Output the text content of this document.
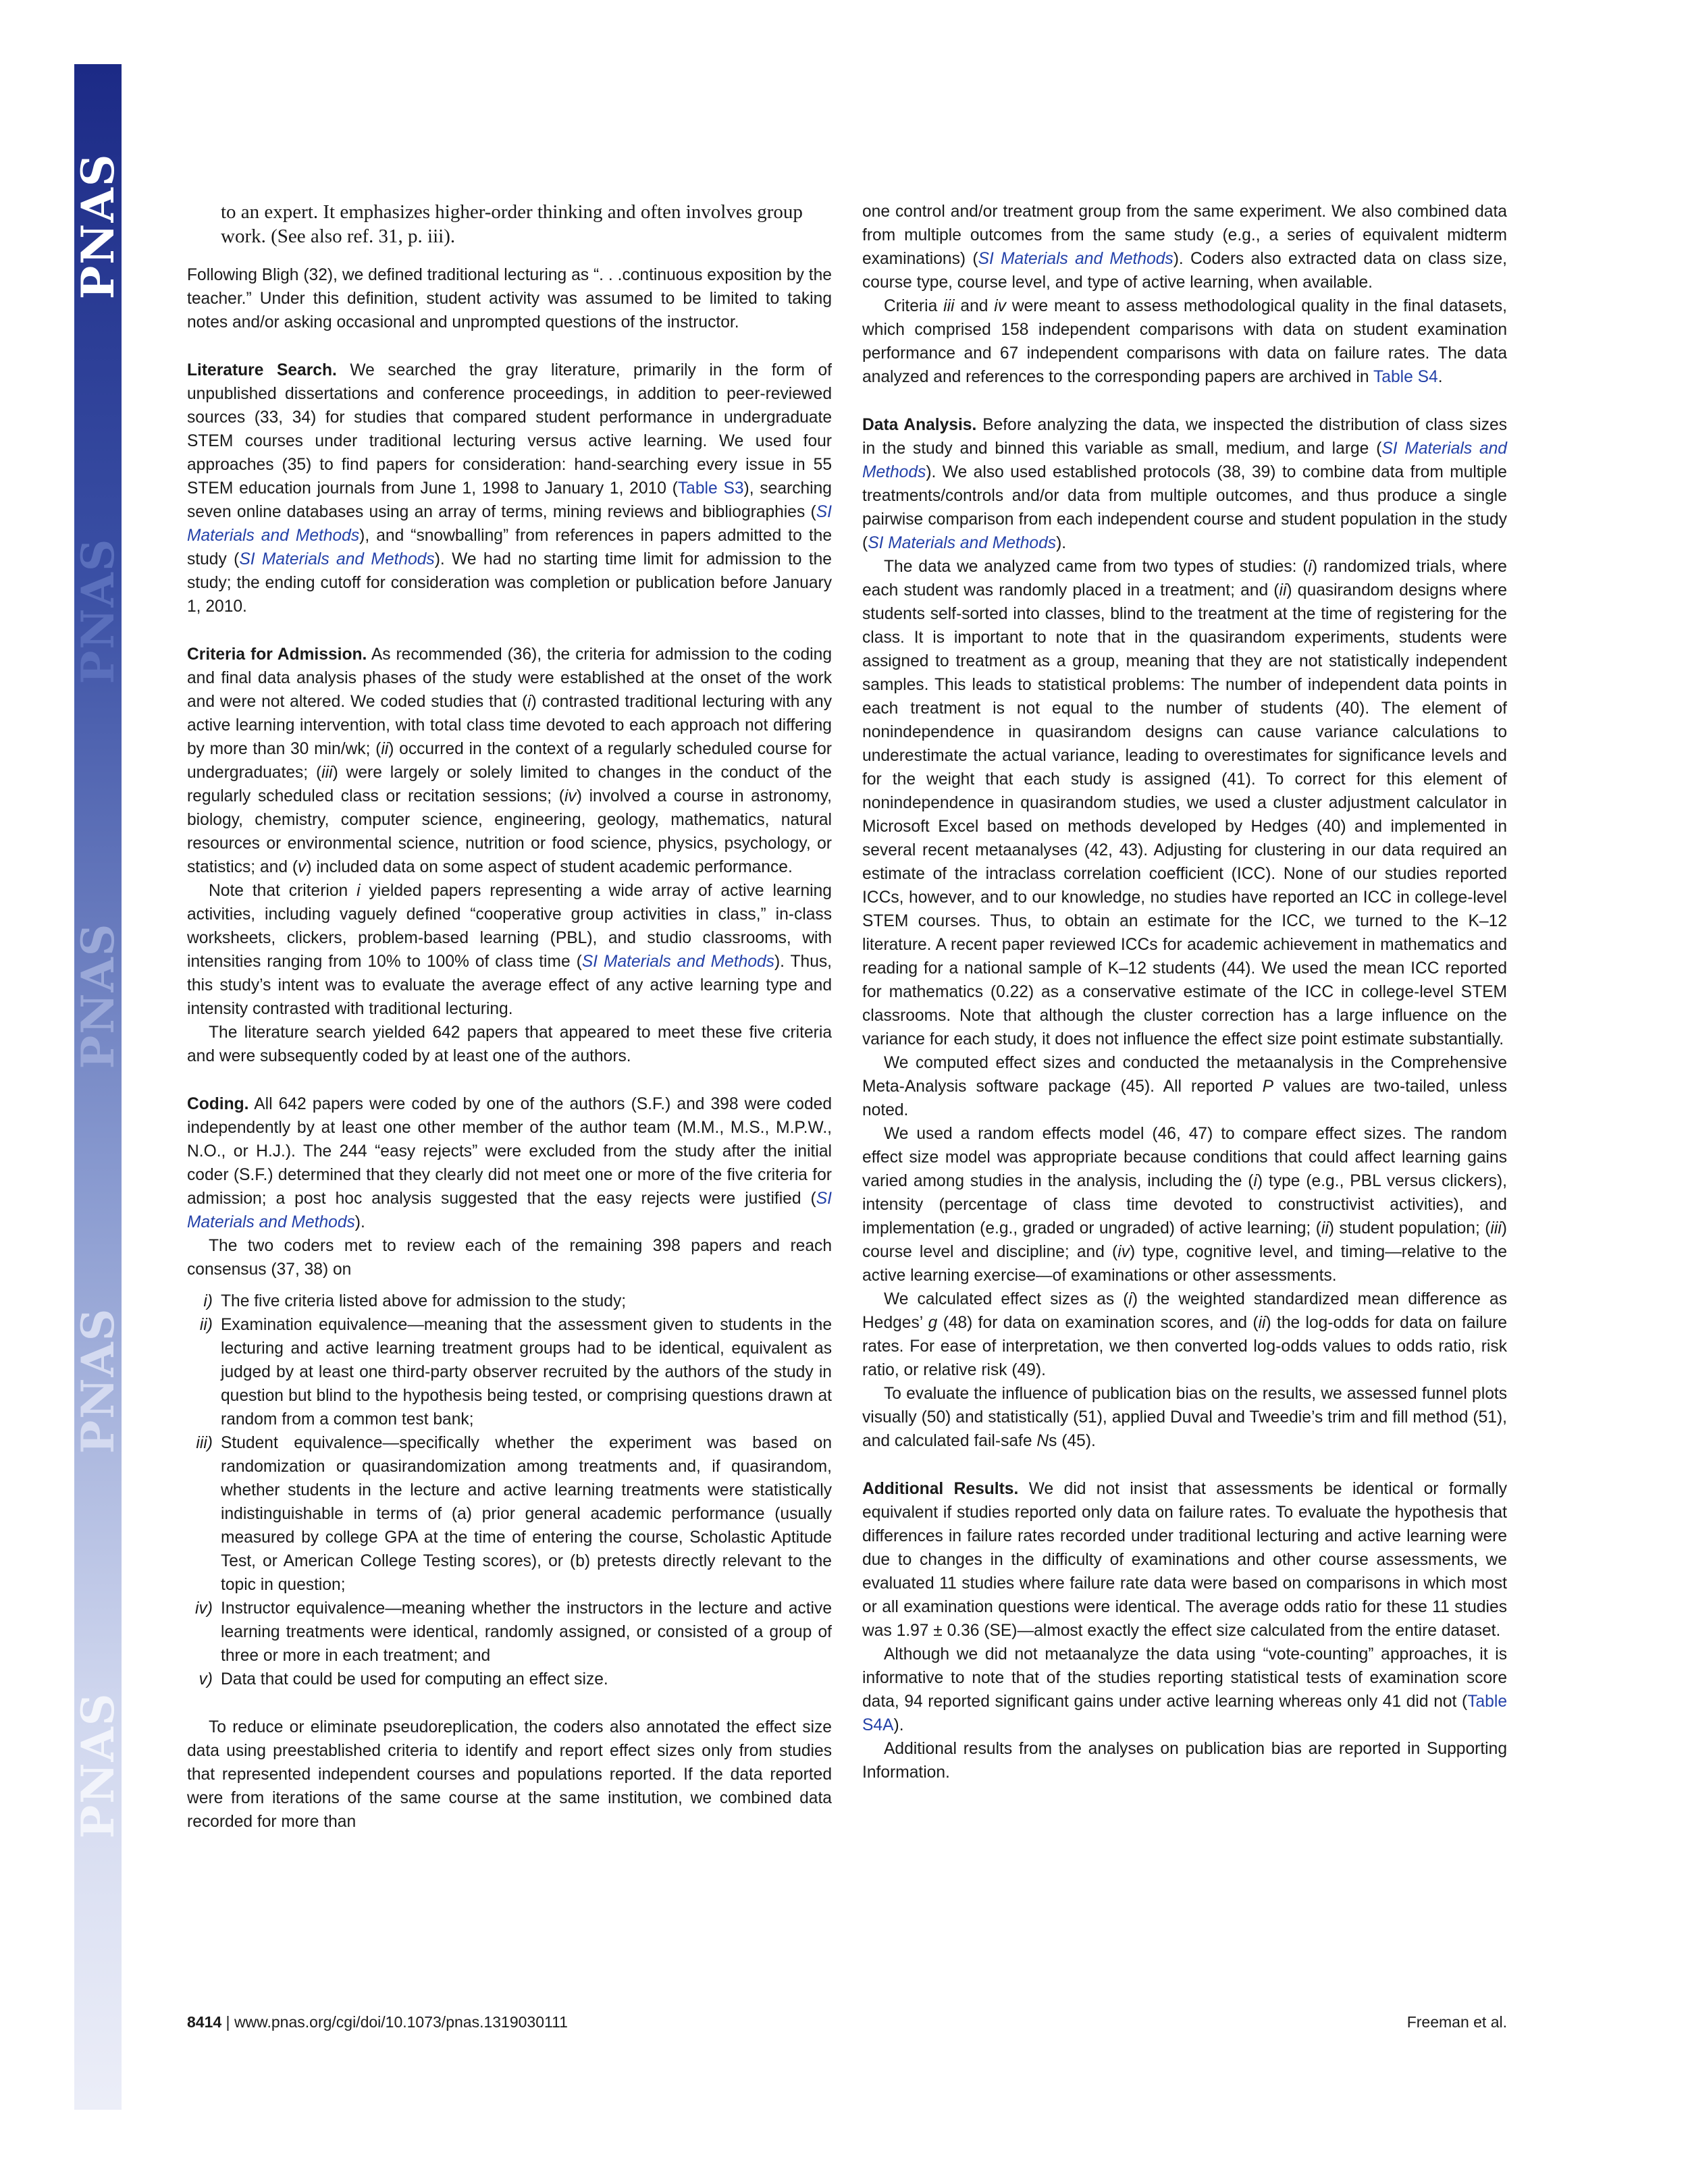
PNAS
PNAS
PNAS
PNAS
PNAS

to an expert. It emphasizes higher-order thinking and often involves group work. (See also ref. 31, p. iii).

Following Bligh (32), we defined traditional lecturing as “. . .continuous exposition by the teacher.” Under this definition, student activity was assumed to be limited to taking notes and/or asking occasional and unprompted questions of the instructor.

Literature Search. We searched the gray literature, primarily in the form of unpublished dissertations and conference proceedings, in addition to peer-reviewed sources (33, 34) for studies that compared student performance in undergraduate STEM courses under traditional lecturing versus active learning. We used four approaches (35) to find papers for consideration: hand-searching every issue in 55 STEM education journals from June 1, 1998 to January 1, 2010 (Table S3), searching seven online databases using an array of terms, mining reviews and bibliographies (SI Materials and Methods), and “snowballing” from references in papers admitted to the study (SI Materials and Methods). We had no starting time limit for admission to the study; the ending cutoff for consideration was completion or publication before January 1, 2010.

Criteria for Admission. As recommended (36), the criteria for admission to the coding and final data analysis phases of the study were established at the onset of the work and were not altered. We coded studies that (i) contrasted traditional lecturing with any active learning intervention, with total class time devoted to each approach not differing by more than 30 min/wk; (ii) occurred in the context of a regularly scheduled course for undergraduates; (iii) were largely or solely limited to changes in the conduct of the regularly scheduled class or recitation sessions; (iv) involved a course in astronomy, biology, chemistry, computer science, engineering, geology, mathematics, natural resources or environmental science, nutrition or food science, physics, psychology, or statistics; and (v) included data on some aspect of student academic performance.

Note that criterion i yielded papers representing a wide array of active learning activities, including vaguely defined “cooperative group activities in class,” in-class worksheets, clickers, problem-based learning (PBL), and studio classrooms, with intensities ranging from 10% to 100% of class time (SI Materials and Methods). Thus, this study’s intent was to evaluate the average effect of any active learning type and intensity contrasted with traditional lecturing.

The literature search yielded 642 papers that appeared to meet these five criteria and were subsequently coded by at least one of the authors.

Coding. All 642 papers were coded by one of the authors (S.F.) and 398 were coded independently by at least one other member of the author team (M.M., M.S., M.P.W., N.O., or H.J.). The 244 “easy rejects” were excluded from the study after the initial coder (S.F.) determined that they clearly did not meet one or more of the five criteria for admission; a post hoc analysis suggested that the easy rejects were justified (SI Materials and Methods).

The two coders met to review each of the remaining 398 papers and reach consensus (37, 38) on

i) The five criteria listed above for admission to the study;
ii) Examination equivalence—meaning that the assessment given to students in the lecturing and active learning treatment groups had to be identical, equivalent as judged by at least one third-party observer recruited by the authors of the study in question but blind to the hypothesis being tested, or comprising questions drawn at random from a common test bank;
iii) Student equivalence—specifically whether the experiment was based on randomization or quasirandomization among treatments and, if quasirandom, whether students in the lecture and active learning treatments were statistically indistinguishable in terms of (a) prior general academic performance (usually measured by college GPA at the time of entering the course, Scholastic Aptitude Test, or American College Testing scores), or (b) pretests directly relevant to the topic in question;
iv) Instructor equivalence—meaning whether the instructors in the lecture and active learning treatments were identical, randomly assigned, or consisted of a group of three or more in each treatment; and
v) Data that could be used for computing an effect size.

To reduce or eliminate pseudoreplication, the coders also annotated the effect size data using preestablished criteria to identify and report effect sizes only from studies that represented independent courses and populations reported. If the data reported were from iterations of the same course at the same institution, we combined data recorded for more than

one control and/or treatment group from the same experiment. We also combined data from multiple outcomes from the same study (e.g., a series of equivalent midterm examinations) (SI Materials and Methods). Coders also extracted data on class size, course type, course level, and type of active learning, when available.

Criteria iii and iv were meant to assess methodological quality in the final datasets, which comprised 158 independent comparisons with data on student examination performance and 67 independent comparisons with data on failure rates. The data analyzed and references to the corresponding papers are archived in Table S4.

Data Analysis. Before analyzing the data, we inspected the distribution of class sizes in the study and binned this variable as small, medium, and large (SI Materials and Methods). We also used established protocols (38, 39) to combine data from multiple treatments/controls and/or data from multiple outcomes, and thus produce a single pairwise comparison from each independent course and student population in the study (SI Materials and Methods).

The data we analyzed came from two types of studies: (i) randomized trials, where each student was randomly placed in a treatment; and (ii) quasirandom designs where students self-sorted into classes, blind to the treatment at the time of registering for the class. It is important to note that in the quasirandom experiments, students were assigned to treatment as a group, meaning that they are not statistically independent samples. This leads to statistical problems: The number of independent data points in each treatment is not equal to the number of students (40). The element of nonindependence in quasirandom designs can cause variance calculations to underestimate the actual variance, leading to overestimates for significance levels and for the weight that each study is assigned (41). To correct for this element of nonindependence in quasirandom studies, we used a cluster adjustment calculator in Microsoft Excel based on methods developed by Hedges (40) and implemented in several recent metaanalyses (42, 43). Adjusting for clustering in our data required an estimate of the intraclass correlation coefficient (ICC). None of our studies reported ICCs, however, and to our knowledge, no studies have reported an ICC in college-level STEM courses. Thus, to obtain an estimate for the ICC, we turned to the K–12 literature. A recent paper reviewed ICCs for academic achievement in mathematics and reading for a national sample of K–12 students (44). We used the mean ICC reported for mathematics (0.22) as a conservative estimate of the ICC in college-level STEM classrooms. Note that although the cluster correction has a large influence on the variance for each study, it does not influence the effect size point estimate substantially.

We computed effect sizes and conducted the metaanalysis in the Comprehensive Meta-Analysis software package (45). All reported P values are two-tailed, unless noted.

We used a random effects model (46, 47) to compare effect sizes. The random effect size model was appropriate because conditions that could affect learning gains varied among studies in the analysis, including the (i) type (e.g., PBL versus clickers), intensity (percentage of class time devoted to constructivist activities), and implementation (e.g., graded or ungraded) of active learning; (ii) student population; (iii) course level and discipline; and (iv) type, cognitive level, and timing—relative to the active learning exercise—of examinations or other assessments.

We calculated effect sizes as (i) the weighted standardized mean difference as Hedges’ g (48) for data on examination scores, and (ii) the log-odds for data on failure rates. For ease of interpretation, we then converted log-odds values to odds ratio, risk ratio, or relative risk (49).

To evaluate the influence of publication bias on the results, we assessed funnel plots visually (50) and statistically (51), applied Duval and Tweedie’s trim and fill method (51), and calculated fail-safe Ns (45).

Additional Results. We did not insist that assessments be identical or formally equivalent if studies reported only data on failure rates. To evaluate the hypothesis that differences in failure rates recorded under traditional lecturing and active learning were due to changes in the difficulty of examinations and other course assessments, we evaluated 11 studies where failure rate data were based on comparisons in which most or all examination questions were identical. The average odds ratio for these 11 studies was 1.97 ± 0.36 (SE)—almost exactly the effect size calculated from the entire dataset.

Although we did not metaanalyze the data using “vote-counting” approaches, it is informative to note that of the studies reporting statistical tests of examination score data, 94 reported significant gains under active learning whereas only 41 did not (Table S4A).

Additional results from the analyses on publication bias are reported in Supporting Information.

8414 | www.pnas.org/cgi/doi/10.1073/pnas.1319030111	Freeman et al.
